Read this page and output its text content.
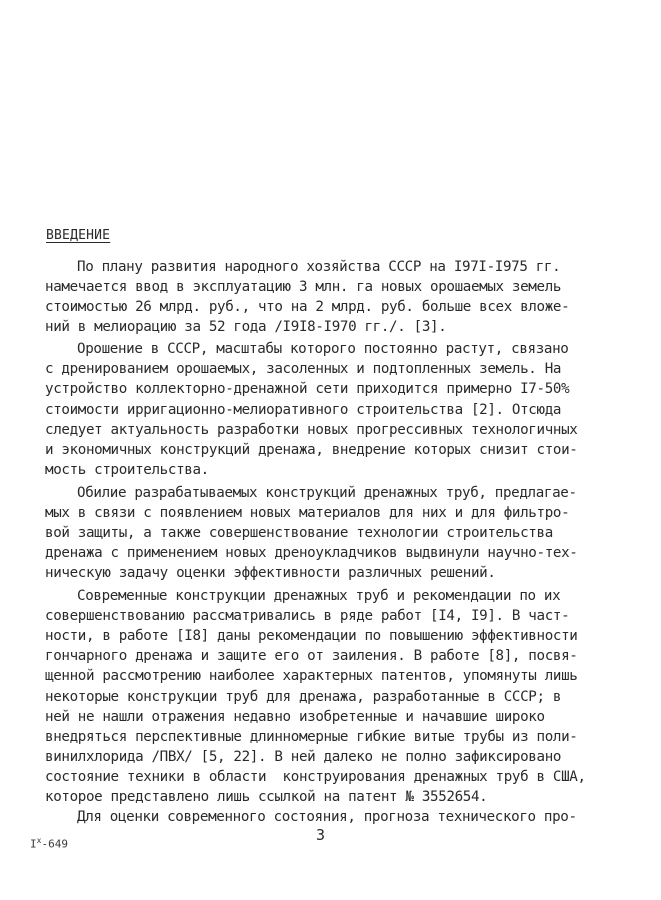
ВВЕДЕНИЕ
По плану развития народного хозяйства СССР на I97I-I975 гг.
намечается ввод в эксплуатацию 3 млн. га новых орошаемых земель
стоимостью 26 млрд. руб., что на 2 млрд. руб. больше всех вложе-
ний в мелиорацию за 52 года /I9I8-I970 гг./. [3].
Орошение в СССР, масштабы которого постоянно растут, связано
с дренированием орошаемых, засоленных и подтопленных земель. На
устройство коллекторно-дренажной сети приходится примерно I7-50%
стоимости ирригационно-мелиоративного строительства [2]. Отсюда
следует актуальность разработки новых прогрессивных технологичных
и экономичных конструкций дренажа, внедрение которых снизит стои-
мость строительства.
Обилие разрабатываемых конструкций дренажных труб, предлагае-
мых в связи с появлением новых материалов для них и для фильтро-
вой защиты, а также совершенствование технологии строительства
дренажа с применением новых дреноукладчиков выдвинули научно-тех-
ническую задачу оценки эффективности различных решений.
Современные конструкции дренажных труб и рекомендации по их
совершенствованию рассматривались в ряде работ [I4, I9]. В част-
ности, в работе [I8] даны рекомендации по повышению эффективности
гончарного дренажа и защите его от заиления. В работе [8], посвя-
щенной рассмотрению наиболее характерных патентов, упомянуты лишь
некоторые конструкции труб для дренажа, разработанные в СССР; в
ней не нашли отражения недавно изобретенные и начавшие широко
внедряться перспективные длинномерные гибкие витые трубы из поли-
винилхлорида /ПВХ/ [5, 22]. В ней далеко не полно зафиксировано
состояние техники в области  конструирования дренажных труб в США,
которое представлено лишь ссылкой на патент № 3552654.
Для оценки современного состояния, прогноза технического про-
3
$I^х-649$
